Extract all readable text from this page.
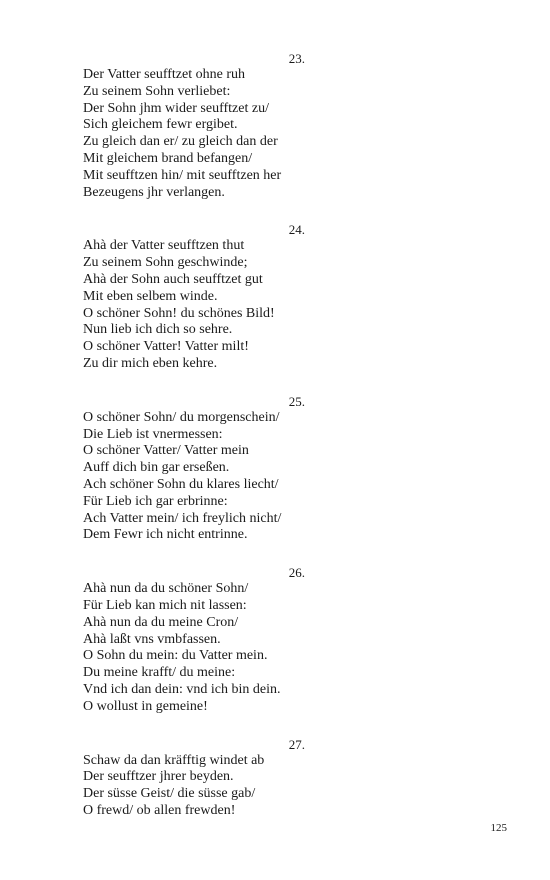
23.
Der Vatter seufftzet ohne ruh
Zu seinem Sohn verliebet:
Der Sohn jhm wider seufftzet zu/
Sich gleichem fewr ergibet.
Zu gleich dan er/ zu gleich dan der
Mit gleichem brand befangen/
Mit seufftzen hin/ mit seufftzen her
Bezeugens jhr verlangen.
24.
Ahà der Vatter seufftzen thut
Zu seinem Sohn geschwinde;
Ahà der Sohn auch seufftzet gut
Mit eben selbem winde.
O schöner Sohn! du schönes Bild!
Nun lieb ich dich so sehre.
O schöner Vatter! Vatter milt!
Zu dir mich eben kehre.
25.
O schöner Sohn/ du morgenschein/
Die Lieb ist vnermessen:
O schöner Vatter/ Vatter mein
Auff dich bin gar erseßen.
Ach schöner Sohn du klares liecht/
Für Lieb ich gar erbrinne:
Ach Vatter mein/ ich freylich nicht/
Dem Fewr ich nicht entrinne.
26.
Ahà nun da du schöner Sohn/
Für Lieb kan mich nit lassen:
Ahà nun da du meine Cron/
Ahà laßt vns vmbfassen.
O Sohn du mein: du Vatter mein.
Du meine krafft/ du meine:
Vnd ich dan dein: vnd ich bin dein.
O wollust in gemeine!
27.
Schaw da dan kräfftig windet ab
Der seufftzer jhrer beyden.
Der süsse Geist/ die süsse gab/
O frewd/ ob allen frewden!
125
